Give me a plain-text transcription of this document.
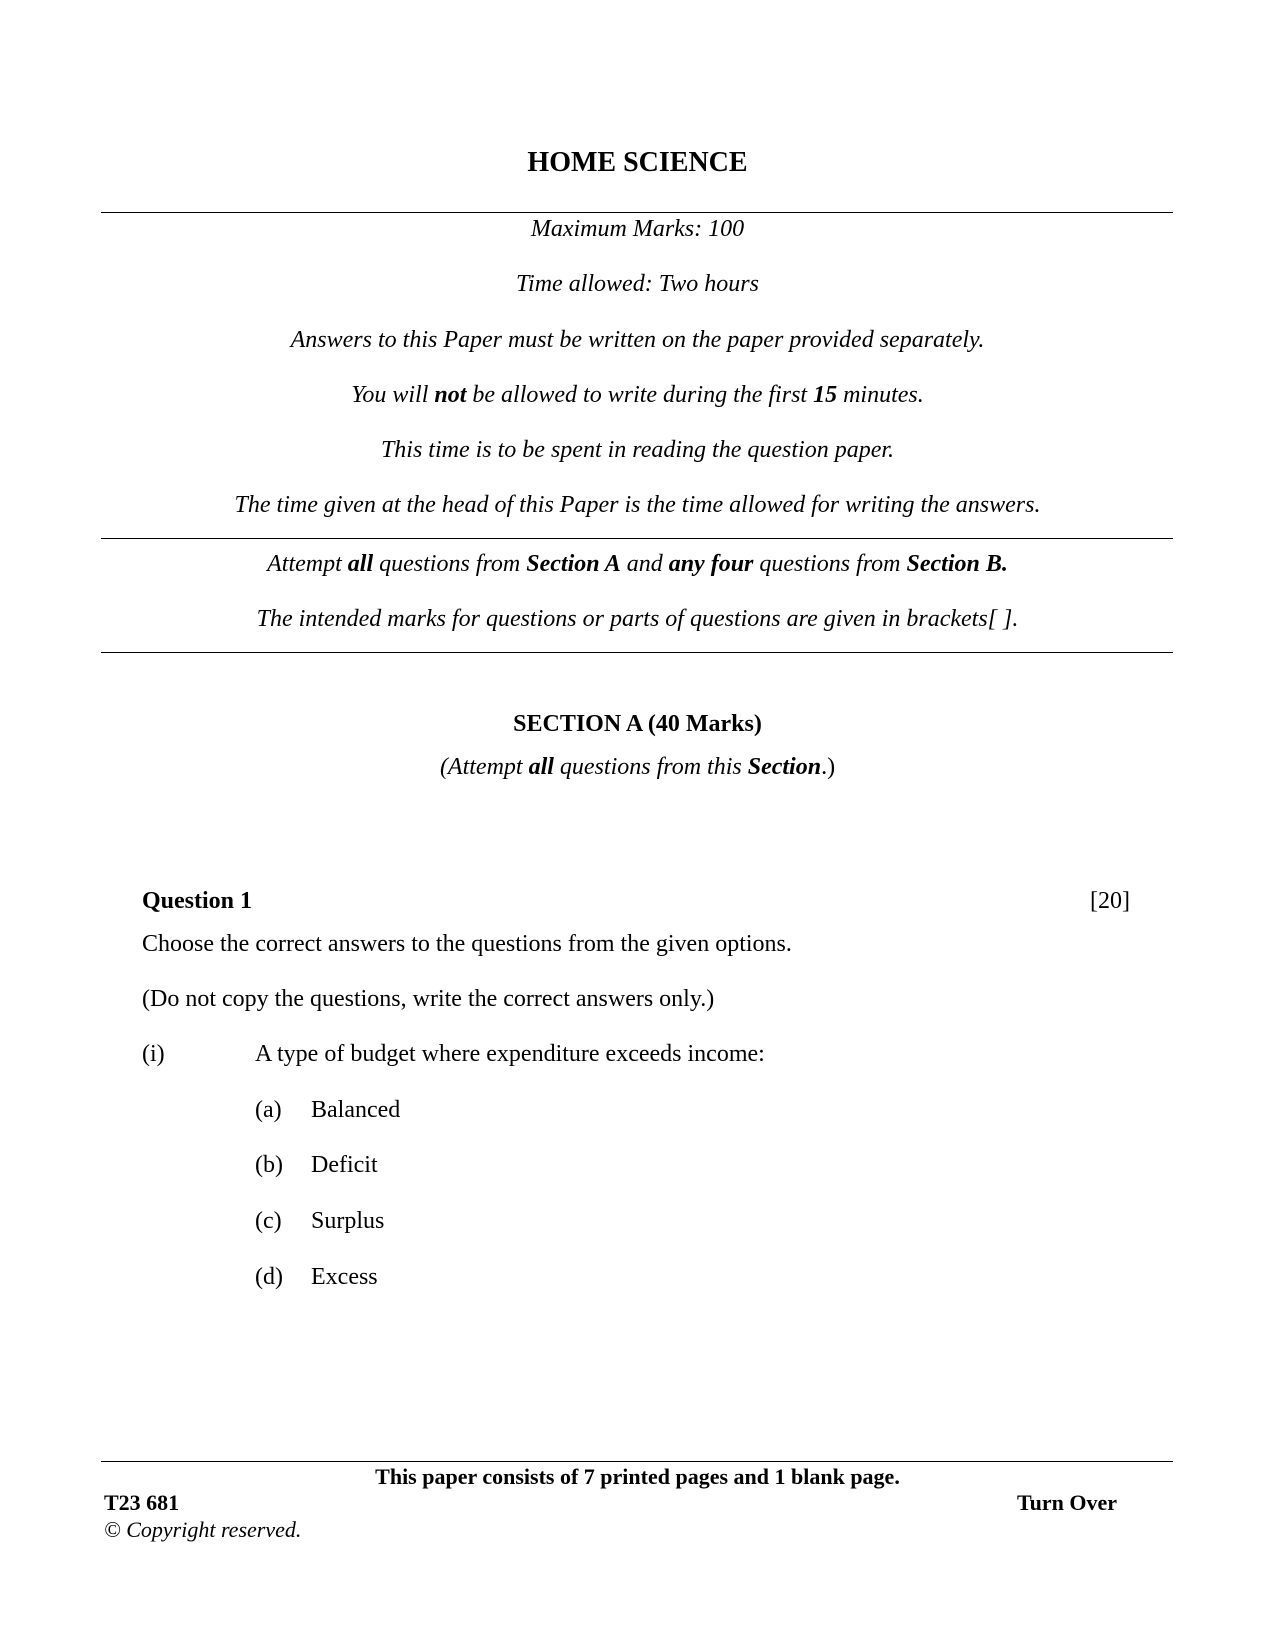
HOME SCIENCE
Maximum Marks: 100
Time allowed: Two hours
Answers to this Paper must be written on the paper provided separately.
You will not be allowed to write during the first 15 minutes.
This time is to be spent in reading the question paper.
The time given at the head of this Paper is the time allowed for writing the answers.
Attempt all questions from Section A and any four questions from Section B.
The intended marks for questions or parts of questions are given in brackets[ ].
SECTION A (40 Marks)
(Attempt all questions from this Section.)
Question 1	[20]
Choose the correct answers to the questions from the given options.
(Do not copy the questions, write the correct answers only.)
(i)	A type of budget where expenditure exceeds income:
(a) Balanced
(b) Deficit
(c) Surplus
(d) Excess
This paper consists of 7 printed pages and 1 blank page.
T23 681	Turn Over
© Copyright reserved.
